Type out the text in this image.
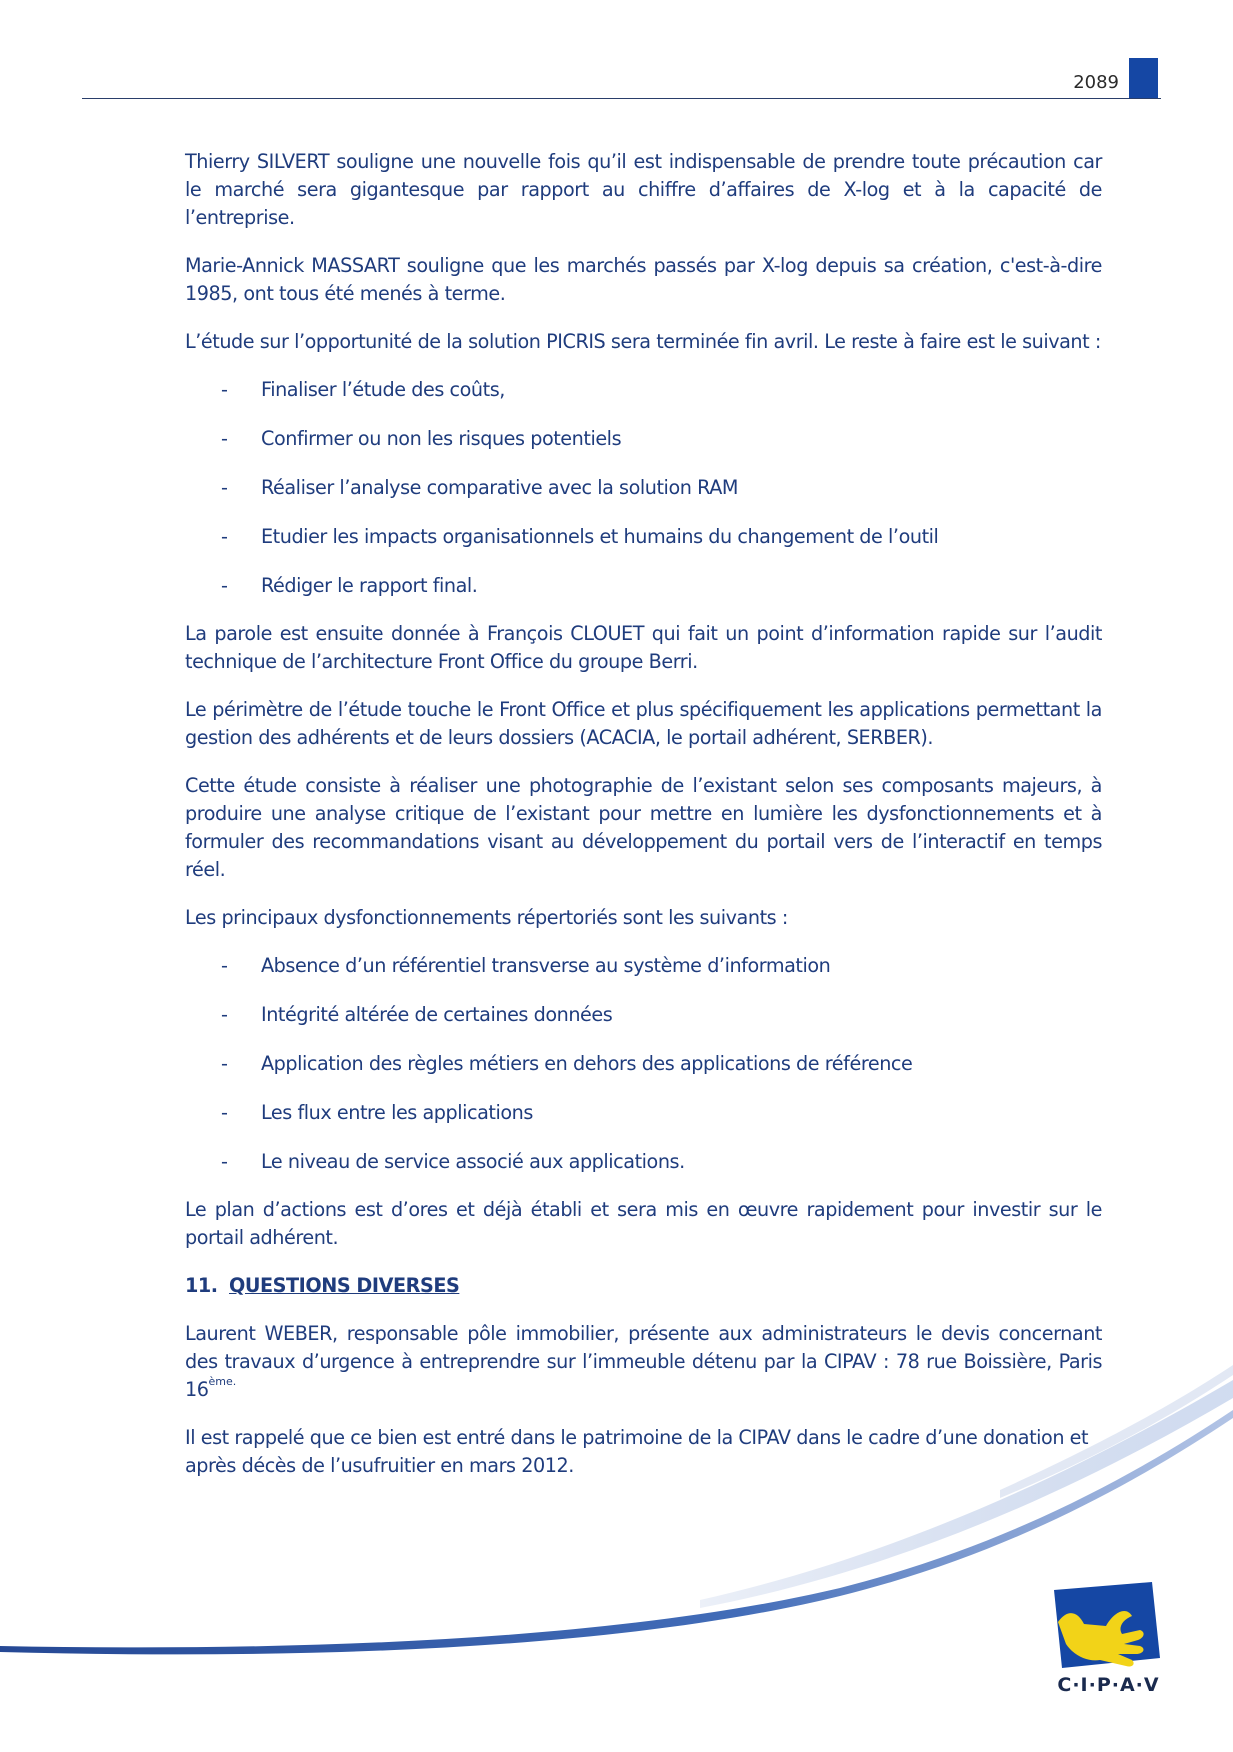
2089

Thierry SILVERT souligne une nouvelle fois qu’il est indispensable de prendre toute précaution car le marché sera gigantesque par rapport au chiffre d’affaires de X-log et à la capacité de l’entreprise.

Marie-Annick MASSART souligne que les marchés passés par X-log depuis sa création, c'est-à-dire 1985, ont tous été menés à terme.

L’étude sur l’opportunité de la solution PICRIS sera terminée fin avril. Le reste à faire est le suivant :

- Finaliser l’étude des coûts,
- Confirmer ou non les risques potentiels
- Réaliser l’analyse comparative avec la solution RAM
- Etudier les impacts organisationnels et humains du changement de l’outil
- Rédiger le rapport final.

La parole est ensuite donnée à François CLOUET qui fait un point d’information rapide sur l’audit technique de l’architecture Front Office du groupe Berri.

Le périmètre de l’étude touche le Front Office et plus spécifiquement les applications permettant la gestion des adhérents et de leurs dossiers (ACACIA, le portail adhérent, SERBER).

Cette étude consiste à réaliser une photographie de l’existant selon ses composants majeurs, à produire une analyse critique de l’existant pour mettre en lumière les dysfonctionnements et à formuler des recommandations visant au développement du portail vers de l’interactif en temps réel.

Les principaux dysfonctionnements répertoriés sont les suivants :

- Absence d’un référentiel transverse au système d’information
- Intégrité altérée de certaines données
- Application des règles métiers en dehors des applications de référence
- Les flux entre les applications
- Le niveau de service associé aux applications.

Le plan d’actions est d’ores et déjà établi et sera mis en œuvre rapidement pour investir sur le portail adhérent.

11. QUESTIONS DIVERSES

Laurent WEBER, responsable pôle immobilier, présente aux administrateurs le devis concernant des travaux d’urgence à entreprendre sur l’immeuble détenu par la CIPAV : 78 rue Boissière, Paris $16^{ème.}$

Il est rappelé que ce bien est entré dans le patrimoine de la CIPAV dans le cadre d’une donation et après décès de l’usufruitier en mars 2012.

C·I·P·A·V
